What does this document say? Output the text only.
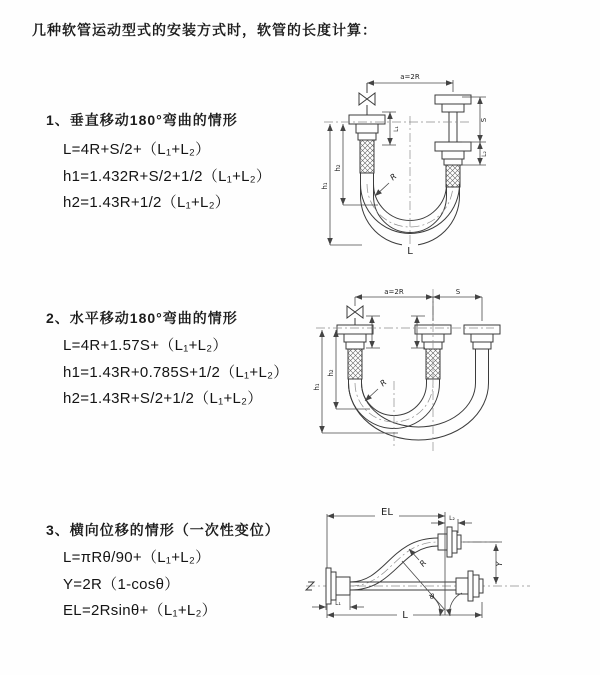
几种软管运动型式的安装方式时，软管的长度计算：
1、垂直移动180°弯曲的情形
L=4R+S/2+（L₁+L₂）
h1=1.432R+S/2+1/2（L₁+L₂）
h2=1.43R+1/2（L₁+L₂）
2、水平移动180°弯曲的情形
L=4R+1.57S+（L₁+L₂）
h1=1.43R+0.785S+1/2（L₁+L₂）
h2=1.43R+S/2+1/2（L₁+L₂）
3、横向位移的情形（一次性变位）
L=πRθ/90+（L₁+L₂）
Y=2R（1-cosθ）
EL=2Rsinθ+（L₁+L₂）
a=2R
L₁
S
L₂
h₁
h₂
R
L
a=2R	S
h₁
h₂
R
θ
R
EL
L₂
Y
L₁
L
